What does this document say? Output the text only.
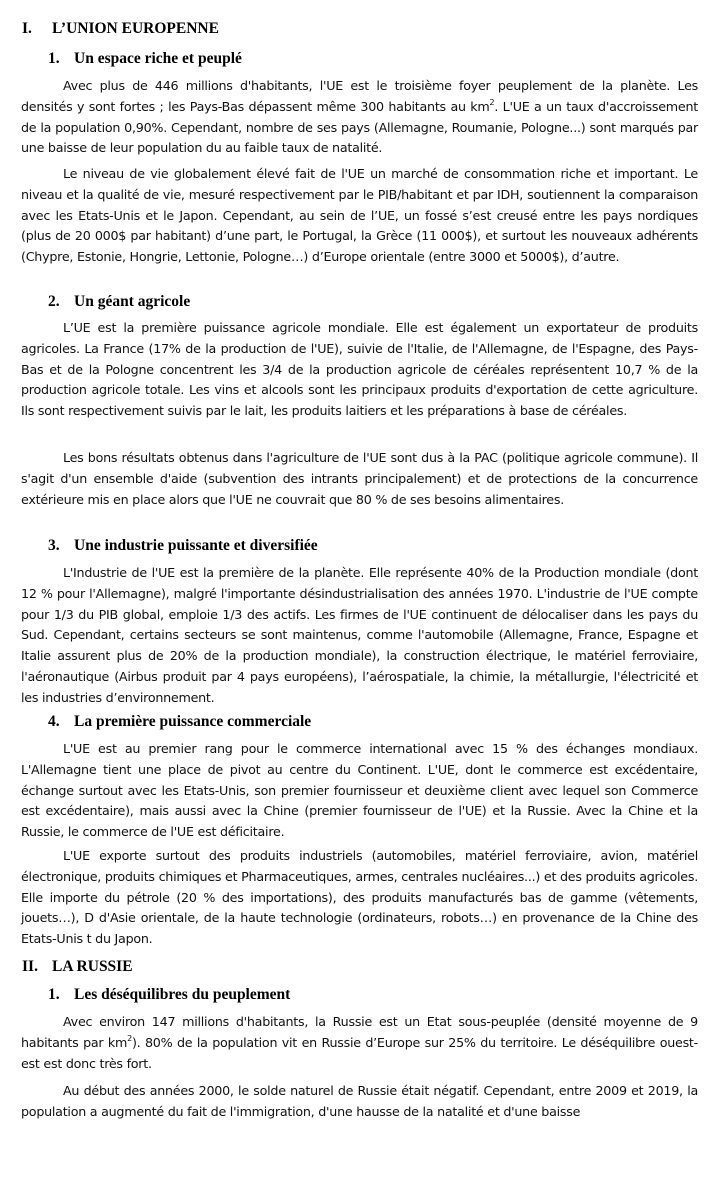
I. L’UNION EUROPENNE
1. Un espace riche et peuplé

Avec plus de 446 millions d'habitants, l'UE est le troisième foyer peuplement de la planète. Les densités y sont fortes ; les Pays-Bas dépassent même 300 habitants au $km^2$. L'UE a un taux d'accroissement de la population 0,90%. Cependant, nombre de ses pays (Allemagne, Roumanie, Pologne...) sont marqués par une baisse de leur population du au faible taux de natalité.

Le niveau de vie globalement élevé fait de l'UE un marché de consommation riche et important. Le niveau et la qualité de vie, mesuré respectivement par le PIB/habitant et par IDH, soutiennent la comparaison avec les Etats-Unis et le Japon. Cependant, au sein de l’UE, un fossé s’est creusé entre les pays nordiques (plus de 20 000$ par habitant) d’une part, le Portugal, la Grèce (11 000$), et surtout les nouveaux adhérents (Chypre, Estonie, Hongrie, Lettonie, Pologne…) d’Europe orientale (entre 3000 et 5000$), d’autre.

2. Un géant agricole

L’UE est la première puissance agricole mondiale. Elle est également un exportateur de produits agricoles. La France (17% de la production de l'UE), suivie de l'Italie, de l'Allemagne, de l'Espagne, des Pays-Bas et de la Pologne concentrent les 3/4 de la production agricole de céréales représentent 10,7 % de la production agricole totale. Les vins et alcools sont les principaux produits d'exportation de cette agriculture. Ils sont respectivement suivis par le lait, les produits laitiers et les préparations à base de céréales.

Les bons résultats obtenus dans l'agriculture de l'UE sont dus à la PAC (politique agricole commune). Il s'agit d'un ensemble d'aide (subvention des intrants principalement) et de protections de la concurrence extérieure mis en place alors que l'UE ne couvrait que 80 % de ses besoins alimentaires.

3. Une industrie puissante et diversifiée

L'Industrie de l'UE est la première de la planète. Elle représente 40% de la Production mondiale (dont 12 % pour l'Allemagne), malgré l'importante désindustrialisation des années 1970. L'industrie de l'UE compte pour 1/3 du PIB global, emploie 1/3 des actifs. Les firmes de l'UE continuent de délocaliser dans les pays du Sud. Cependant, certains secteurs se sont maintenus, comme l'automobile (Allemagne, France, Espagne et Italie assurent plus de 20% de la production mondiale), la construction électrique, le matériel ferroviaire, l'aéronautique (Airbus produit par 4 pays européens), l’aérospatiale, la chimie, la métallurgie, l'électricité et les industries d’environnement.

4. La première puissance commerciale

L'UE est au premier rang pour le commerce international avec 15 % des échanges mondiaux. L'Allemagne tient une place de pivot au centre du Continent. L'UE, dont le commerce est excédentaire, échange surtout avec les Etats-Unis, son premier fournisseur et deuxième client avec lequel son Commerce est excédentaire), mais aussi avec la Chine (premier fournisseur de l'UE) et la Russie. Avec la Chine et la Russie, le commerce de l'UE est déficitaire.

L'UE exporte surtout des produits industriels (automobiles, matériel ferroviaire, avion, matériel électronique, produits chimiques et Pharmaceutiques, armes, centrales nucléaires...) et des produits agricoles. Elle importe du pétrole (20 % des importations), des produits manufacturés bas de gamme (vêtements, jouets…), D d'Asie orientale, de la haute technologie (ordinateurs, robots…) en provenance de la Chine des Etats-Unis t du Japon.

II. LA RUSSIE
1. Les déséquilibres du peuplement

Avec environ 147 millions d'habitants, la Russie est un Etat sous-peuplée (densité moyenne de 9 habitants par $km^2$). 80% de la population vit en Russie d’Europe sur 25% du territoire. Le déséquilibre ouest-est est donc très fort.

Au début des années 2000, le solde naturel de Russie était négatif. Cependant, entre 2009 et 2019, la population a augmenté du fait de l'immigration, d'une hausse de la natalité et d'une baisse
